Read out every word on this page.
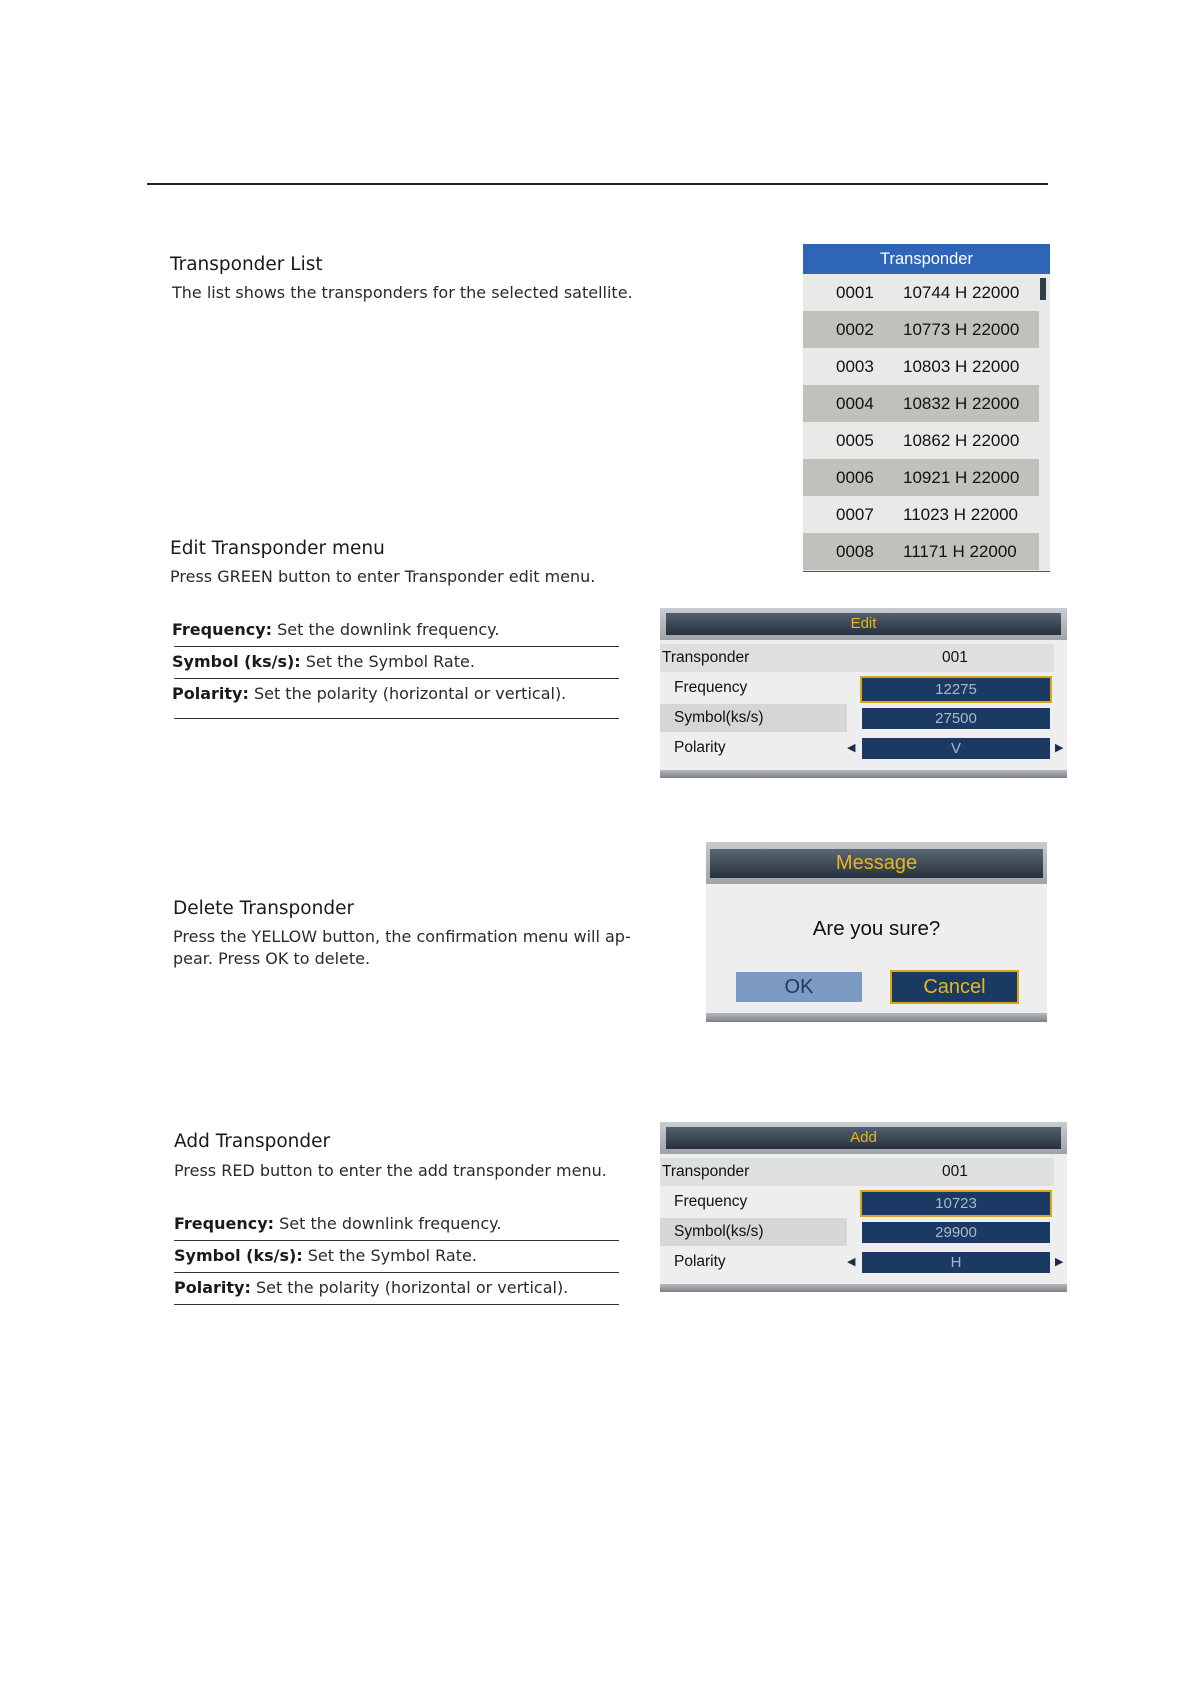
Transponder List
The list shows the transponders for the selected satellite.
Transponder
0001 10744 H 22000
0002 10773 H 22000
0003 10803 H 22000
0004 10832 H 22000
0005 10862 H 22000
0006 10921 H 22000
0007 11023 H 22000
0008 11171 H 22000
Edit Transponder menu
Press GREEN button to enter Transponder edit menu.
Frequency: Set the downlink frequency.
Symbol (ks/s): Set the Symbol Rate.
Polarity: Set the polarity (horizontal or vertical).
Edit
Transponder	001
Frequency	12275
Symbol(ks/s)	27500
Polarity	◀	V	▶
Delete Transponder
Press the YELLOW button, the confirmation menu will ap-
pear. Press OK to delete.
Message
Are you sure?
OK	Cancel
Add Transponder
Press RED button to enter the add transponder menu.
Frequency: Set the downlink frequency.
Symbol (ks/s): Set the Symbol Rate.
Polarity: Set the polarity (horizontal or vertical).
Add
Transponder	001
Frequency	10723
Symbol(ks/s)	29900
Polarity	◀	H	▶
